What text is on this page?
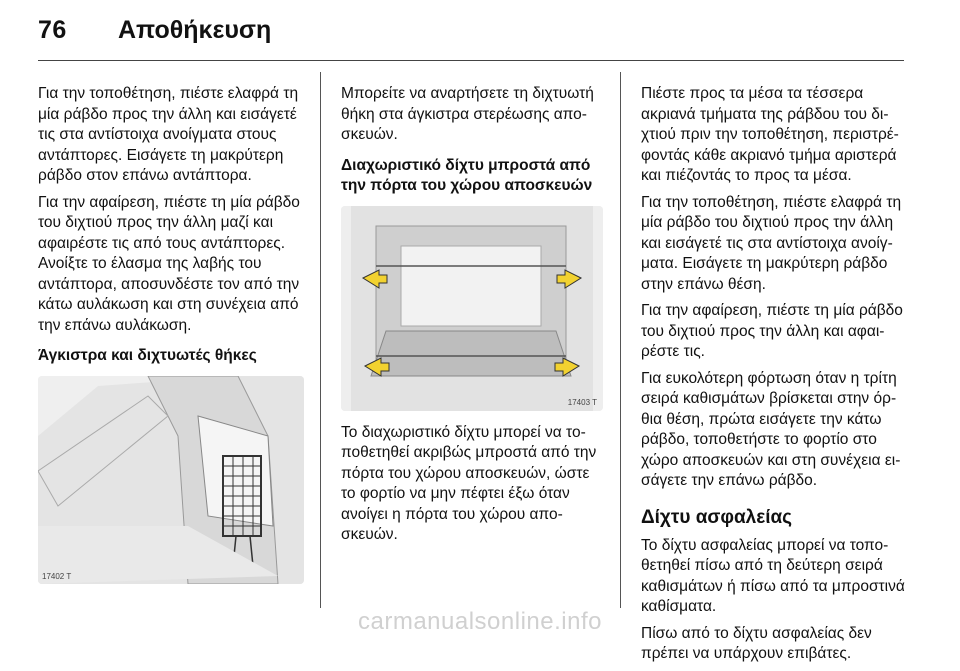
76 Αποθήκευση

Για την τοποθέτηση, πιέστε ελαφρά τη μία ράβδο προς την άλλη και εισάγετέ τις στα αντίστοιχα ανοίγματα στους αντάπτορες. Εισάγετε τη μακρύτερη ράβδο στον επάνω αντάπτορα.

Για την αφαίρεση, πιέστε τη μία ράβδο του διχτιού προς την άλλη μαζί και αφαιρέστε τις από τους αντάπτορες. Ανοίξτε το έλασμα της λαβής του αντάπτορα, αποσυνδέστε τον από την κάτω αυλάκωση και στη συνέχεια από την επάνω αυλάκωση.

Άγκιστρα και διχτυωτές θήκες
17402 T

Μπορείτε να αναρτήσετε τη διχτυωτή θήκη στα άγκιστρα στερέωσης αποσκευών.

Διαχωριστικό δίχτυ μπροστά από την πόρτα του χώρου αποσκευών
17403 T

Το διαχωριστικό δίχτυ μπορεί να τοποθετηθεί ακριβώς μπροστά από την πόρτα του χώρου αποσκευών, ώστε το φορτίο να μην πέφτει έξω όταν ανοίγει η πόρτα του χώρου αποσκευών.

Πιέστε προς τα μέσα τα τέσσερα ακριανά τμήματα της ράβδου του διχτιού πριν την τοποθέτηση, περιστρέφοντάς κάθε ακριανό τμήμα αριστερά και πιέζοντάς το προς τα μέσα.

Για την τοποθέτηση, πιέστε ελαφρά τη μία ράβδο του διχτιού προς την άλλη και εισάγετέ τις στα αντίστοιχα ανοίγματα. Εισάγετε τη μακρύτερη ράβδο στην επάνω θέση.

Για την αφαίρεση, πιέστε τη μία ράβδο του διχτιού προς την άλλη και αφαιρέστε τις.

Για ευκολότερη φόρτωση όταν η τρίτη σειρά καθισμάτων βρίσκεται στην όρθια θέση, πρώτα εισάγετε την κάτω ράβδο, τοποθετήστε το φορτίο στο χώρο αποσκευών και στη συνέχεια εισάγετε την επάνω ράβδο.

Δίχτυ ασφαλείας

Το δίχτυ ασφαλείας μπορεί να τοποθετηθεί πίσω από τη δεύτερη σειρά καθισμάτων ή πίσω από τα μπροστινά καθίσματα.

Πίσω από το δίχτυ ασφαλείας δεν πρέπει να υπάρχουν επιβάτες.

carmanualsonline.info
